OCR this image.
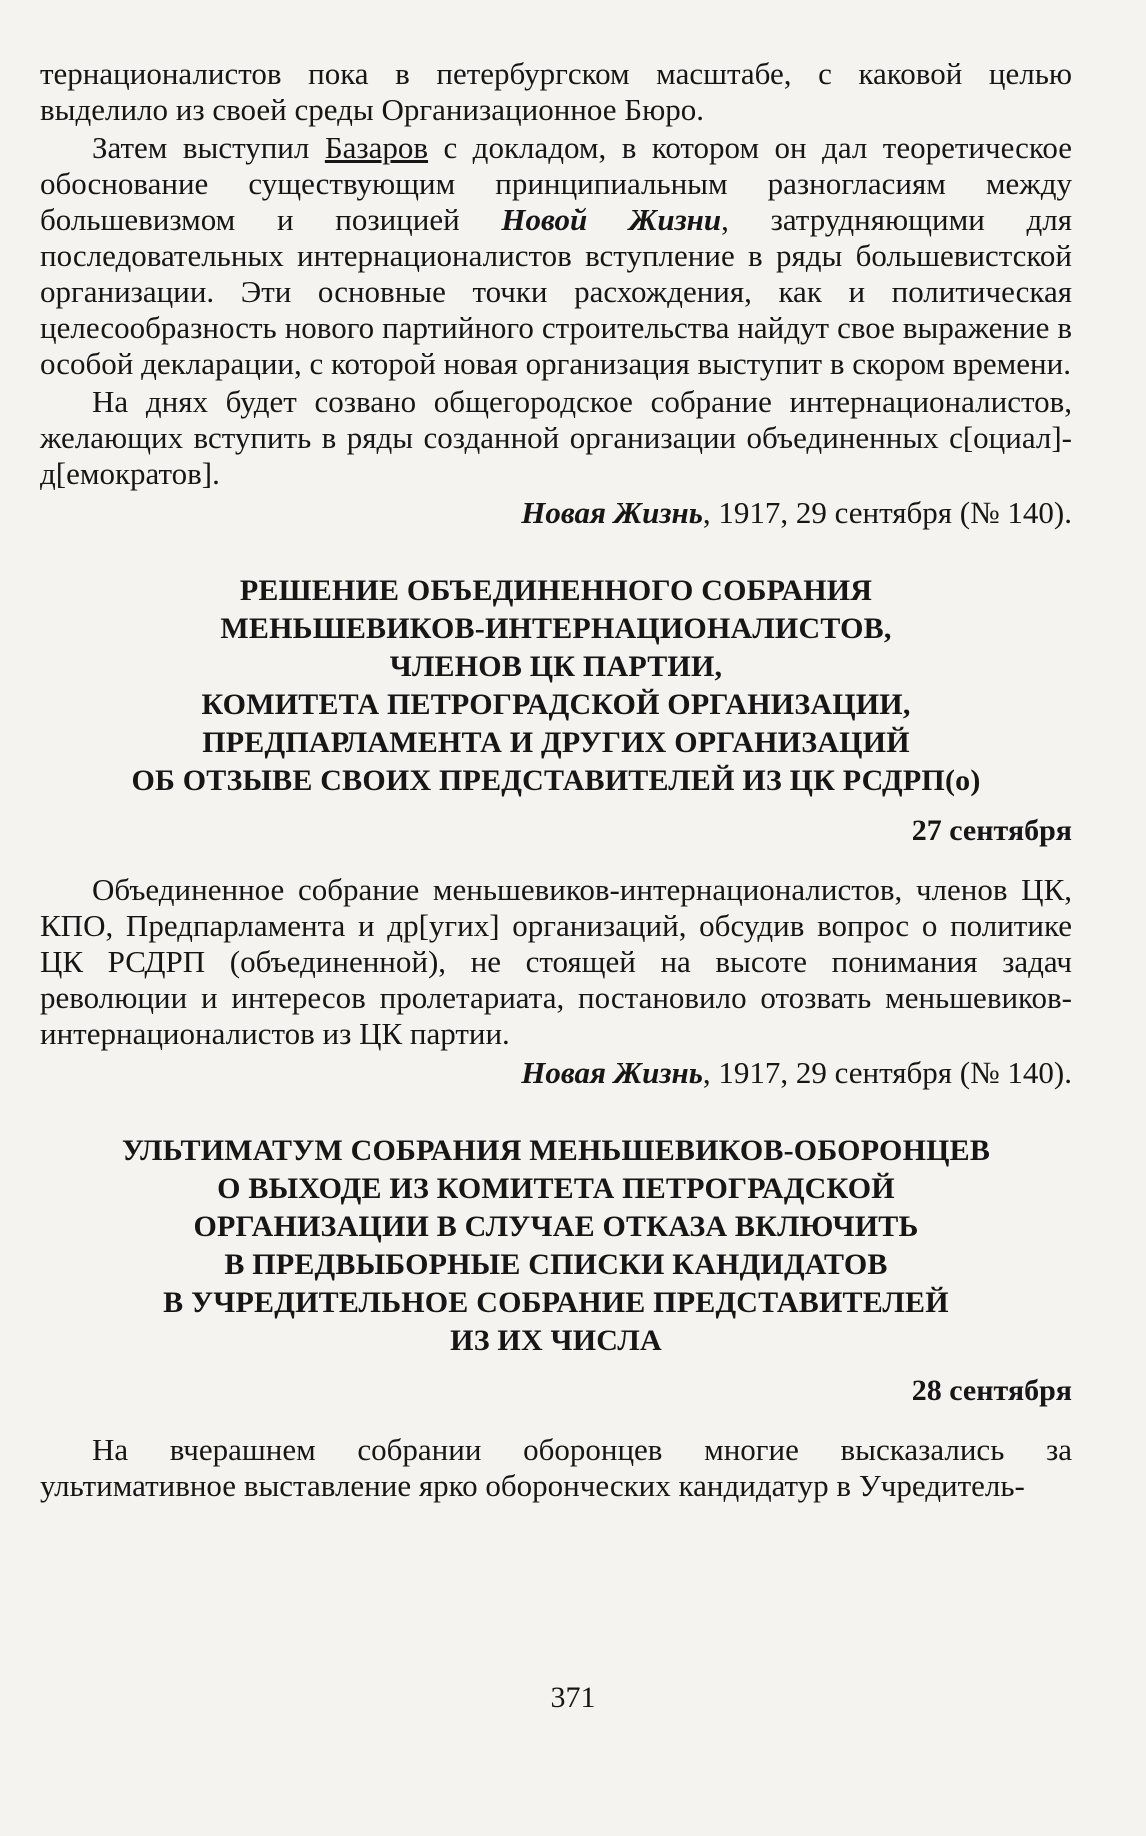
тернационалистов пока в петербургском масштабе, с каковой целью выделило из своей среды Организационное Бюро.

Затем выступил Базаров с докладом, в котором он дал теоретическое обоснование существующим принципиальным разногласиям между большевизмом и позицией Новой Жизни, затрудняющими для последовательных интернационалистов вступление в ряды большевистской организации. Эти основные точки расхождения, как и политическая целесообразность нового партийного строительства найдут свое выражение в особой декларации, с которой новая организация выступит в скором времени.

На днях будет созвано общегородское собрание интернационалистов, желающих вступить в ряды созданной организации объединенных с[оциал]-д[емократов].

Новая Жизнь, 1917, 29 сентября (№ 140).

РЕШЕНИЕ ОБЪЕДИНЕННОГО СОБРАНИЯ

МЕНЬШЕВИКОВ-ИНТЕРНАЦИОНАЛИСТОВ,

ЧЛЕНОВ ЦК ПАРТИИ,

КОМИТЕТА ПЕТРОГРАДСКОЙ ОРГАНИЗАЦИИ,

ПРЕДПАРЛАМЕНТА И ДРУГИХ ОРГАНИЗАЦИЙ

ОБ ОТЗЫВЕ СВОИХ ПРЕДСТАВИТЕЛЕЙ ИЗ ЦК РСДРП(о)

27 сентября

Объединенное собрание меньшевиков-интернационалистов, членов ЦК, КПО, Предпарламента и др[угих] организаций, обсудив вопрос о политике ЦК РСДРП (объединенной), не стоящей на высоте понимания задач революции и интересов пролетариата, постановило отозвать меньшевиков-интернационалистов из ЦК партии.

Новая Жизнь, 1917, 29 сентября (№ 140).

УЛЬТИМАТУМ СОБРАНИЯ МЕНЬШЕВИКОВ-ОБОРОНЦЕВ

О ВЫХОДЕ ИЗ КОМИТЕТА ПЕТРОГРАДСКОЙ

ОРГАНИЗАЦИИ В СЛУЧАЕ ОТКАЗА ВКЛЮЧИТЬ

В ПРЕДВЫБОРНЫЕ СПИСКИ КАНДИДАТОВ

В УЧРЕДИТЕЛЬНОЕ СОБРАНИЕ ПРЕДСТАВИТЕЛЕЙ

ИЗ ИХ ЧИСЛА

28 сентября

На вчерашнем собрании оборонцев многие высказались за ультимативное выставление ярко оборонческих кандидатур в Учредитель-

371
